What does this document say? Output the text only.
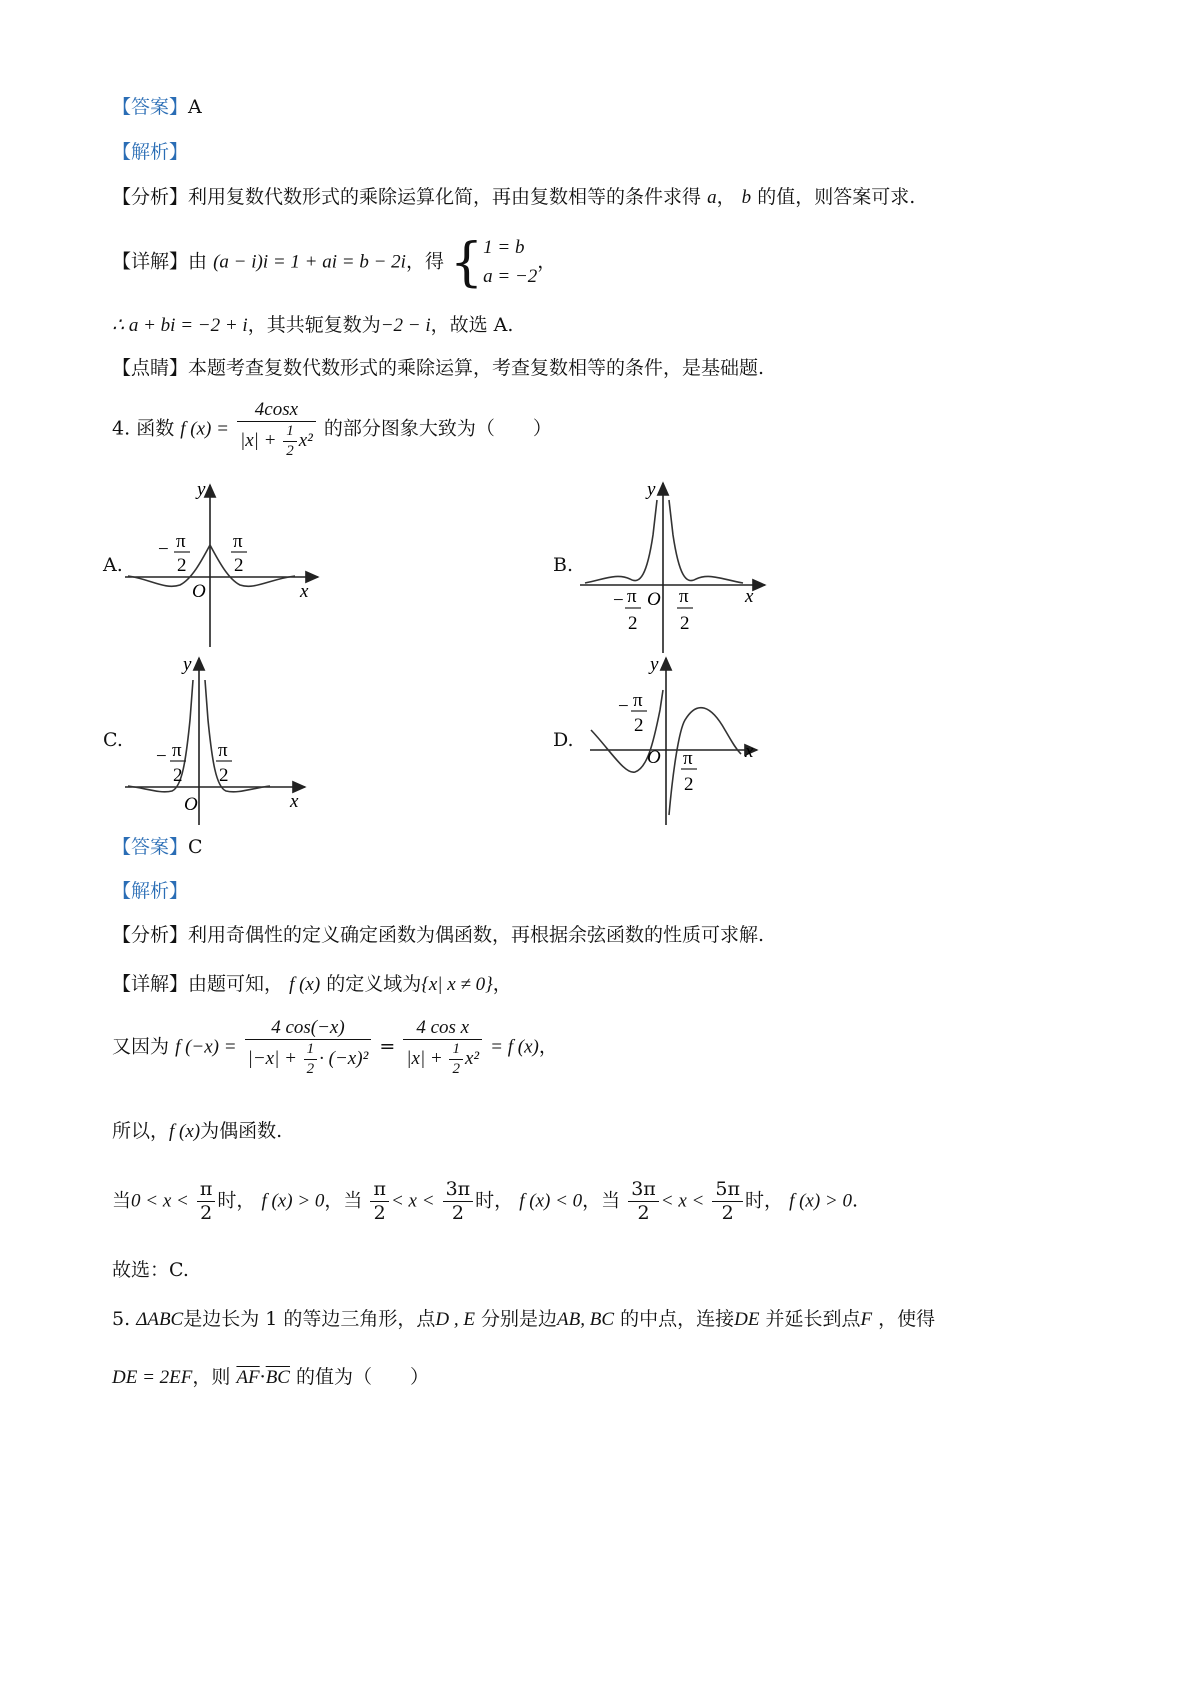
【答案】A
【解析】
【分析】利用复数代数形式的乘除运算化简，再由复数相等的条件求得 a， b 的值，则答案可求.
【详解】由 (a − i)i = 1 + ai = b − 2i，得 { 1 = b
a = −2
，
∴ a + bi = −2 + i，其共轭复数为−2 − i，故选 A.
【点睛】本题考查复数代数形式的乘除运算，考查复数相等的条件，是基础题.
4. 函数 f $(x) = \frac{4\cos x}{|x| + \frac{1}{2} x^2}$ 的部分图象大致为（　　）
A.	B.
C.	D.
y
x
O
− π
2
π
2
y
x
O
− π
2
π
2
y
x
O
− π
2
π
2
y
x
O
− π
2
π
2
【答案】C
【解析】
【分析】利用奇偶性的定义确定函数为偶函数，再根据余弦函数的性质可求解.
【详解】由题可知， f (x) 的定义域为{x| x ≠ 0}，
又因为 f $(-x) = \frac{4 \cos(-x)}{|-x| + \frac{1}{2} \cdot (-x)^2} = \frac{\text{4 cos x}}{|x| + \frac{1}{2} x^2} = f$ (x)，
所以，f (x)为偶函数.
当$0 < x < \frac{\pi}{2}$ 时， f (x) > 0，当 $\frac{\pi}{2} < x < \frac{3\pi}{2}$ 时， f (x) < 0，当 $\frac{3\pi}{2} < x < \frac{5\pi}{2}$ 时， f (x) > 0.
故选：C.
5. ΔABC是边长为 1 的等边三角形，点D , E 分别是边AB, BC 的中点，连接DE 并延长到点F ，使得
DE = 2EF，则 $\overline{AF}\cdot\overline{BC}$ 的值为（　　）
